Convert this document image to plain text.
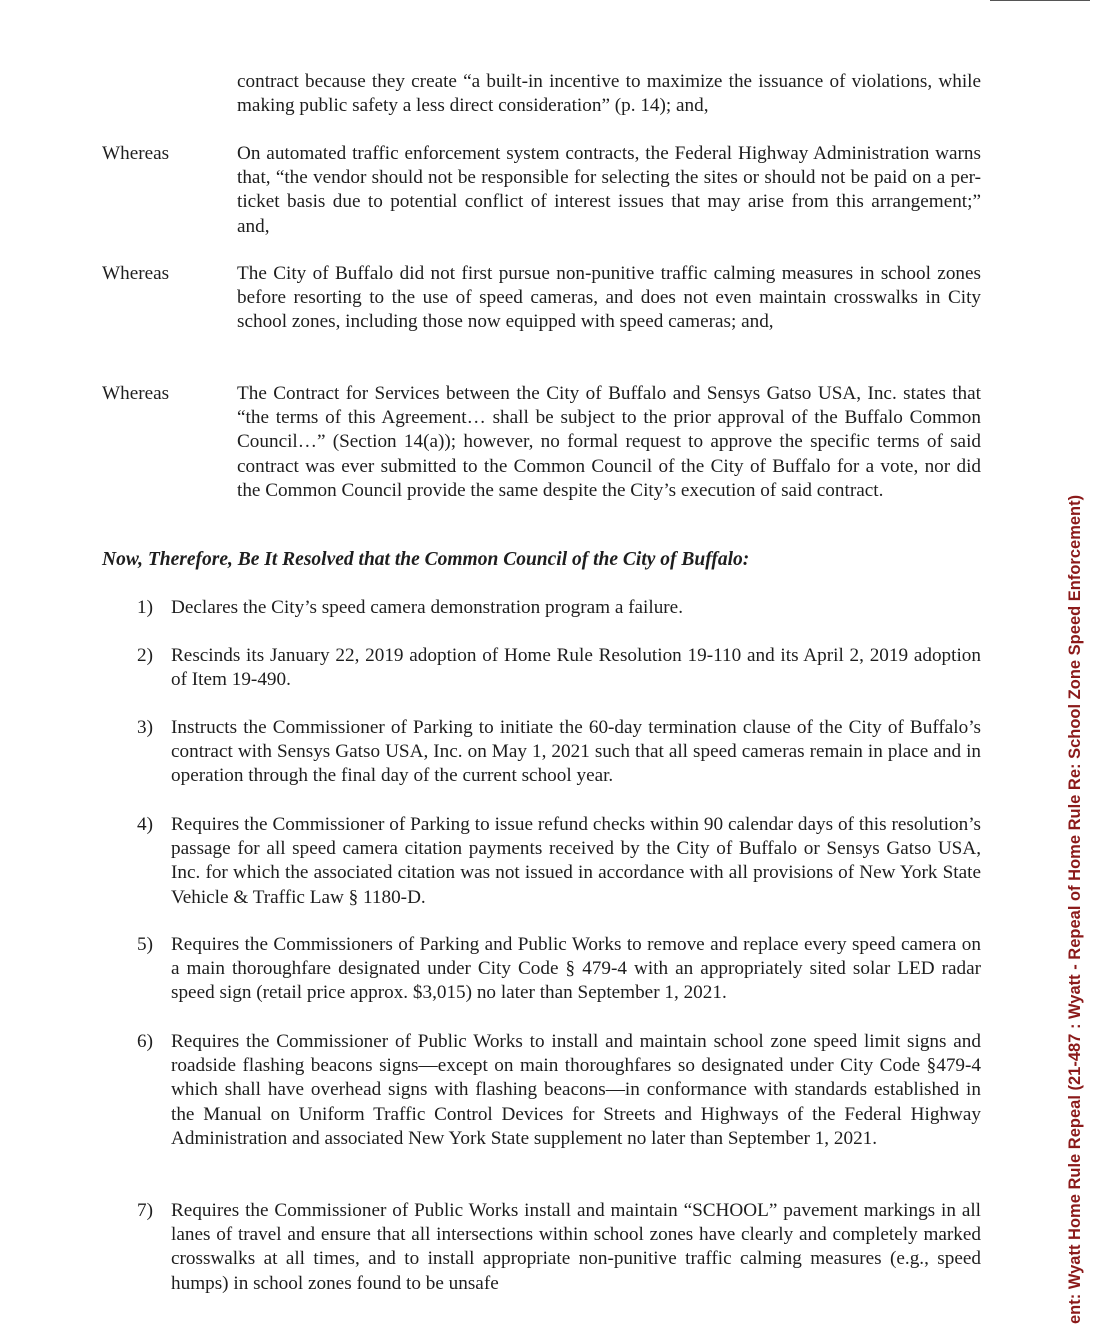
contract because they create “a built-in incentive to maximize the issuance of violations, while making public safety a less direct consideration” (p. 14); and,
Whereas	On automated traffic enforcement system contracts, the Federal Highway Administration warns that, “the vendor should not be responsible for selecting the sites or should not be paid on a per-ticket basis due to potential conflict of interest issues that may arise from this arrangement;” and,
Whereas	The City of Buffalo did not first pursue non-punitive traffic calming measures in school zones before resorting to the use of speed cameras, and does not even maintain crosswalks in City school zones, including those now equipped with speed cameras; and,
Whereas	The Contract for Services between the City of Buffalo and Sensys Gatso USA, Inc. states that “the terms of this Agreement… shall be subject to the prior approval of the Buffalo Common Council…” (Section 14(a)); however, no formal request to approve the specific terms of said contract was ever submitted to the Common Council of the City of Buffalo for a vote, nor did the Common Council provide the same despite the City’s execution of said contract.
Now, Therefore, Be It Resolved that the Common Council of the City of Buffalo:
1) Declares the City’s speed camera demonstration program a failure.
2) Rescinds its January 22, 2019 adoption of Home Rule Resolution 19-110 and its April 2, 2019 adoption of Item 19-490.
3) Instructs the Commissioner of Parking to initiate the 60-day termination clause of the City of Buffalo’s contract with Sensys Gatso USA, Inc. on May 1, 2021 such that all speed cameras remain in place and in operation through the final day of the current school year.
4) Requires the Commissioner of Parking to issue refund checks within 90 calendar days of this resolution’s passage for all speed camera citation payments received by the City of Buffalo or Sensys Gatso USA, Inc. for which the associated citation was not issued in accordance with all provisions of New York State Vehicle & Traffic Law § 1180-D.
5) Requires the Commissioners of Parking and Public Works to remove and replace every speed camera on a main thoroughfare designated under City Code § 479-4 with an appropriately sited solar LED radar speed sign (retail price approx. $3,015) no later than September 1, 2021.
6) Requires the Commissioner of Public Works to install and maintain school zone speed limit signs and roadside flashing beacons signs—except on main thoroughfares so designated under City Code §479-4 which shall have overhead signs with flashing beacons—in conformance with standards established in the Manual on Uniform Traffic Control Devices for Streets and Highways of the Federal Highway Administration and associated New York State supplement no later than September 1, 2021.
7) Requires the Commissioner of Public Works install and maintain “SCHOOL” pavement markings in all lanes of travel and ensure that all intersections within school zones have clearly and completely marked crosswalks at all times, and to install appropriate non-punitive traffic calming measures (e.g., speed humps) in school zones found to be unsafe	ent: Wyatt Home Rule Repeal (21-487 : Wyatt - Repeal of Home Rule Re: School Zone Speed Enforcement)
